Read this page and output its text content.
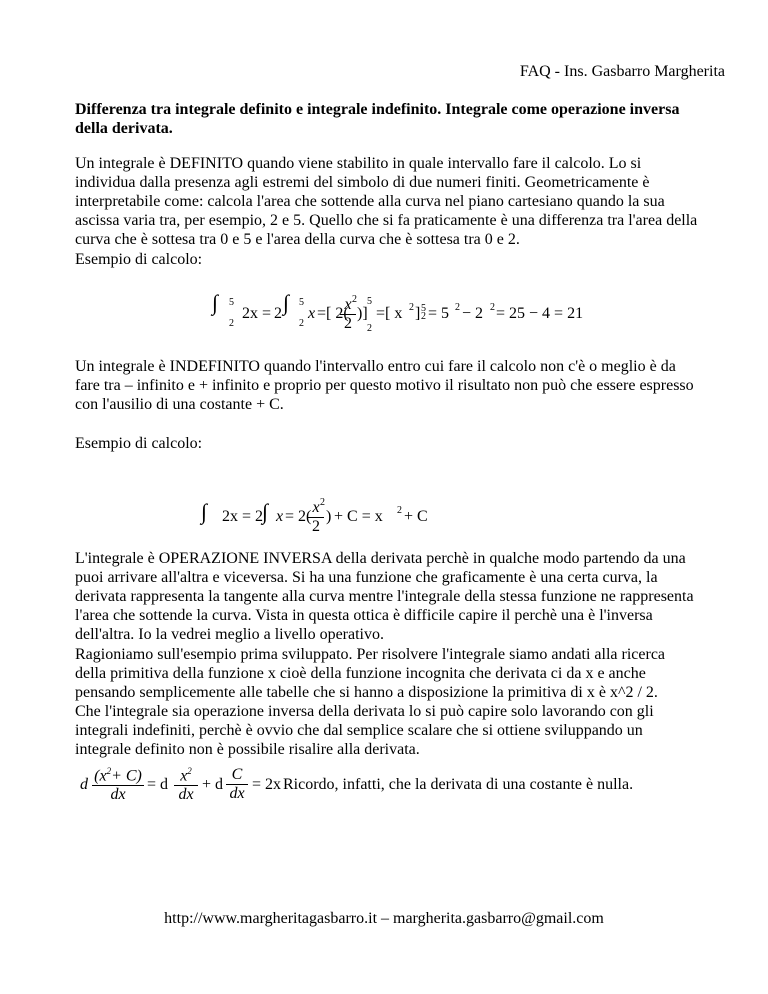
FAQ - Ins. Gasbarro Margherita
Differenza tra integrale definito e integrale indefinito. Integrale come operazione inversa della derivata.
Un integrale è DEFINITO quando viene stabilito in quale intervallo fare il calcolo. Lo si individua dalla presenza agli estremi del simbolo di due numeri finiti. Geometricamente è interpretabile come: calcola l'area che sottende alla curva nel piano cartesiano quando la sua ascissa varia tra, per esempio, 2 e 5. Quello che si fa praticamente è una differenza tra l'area della curva che è sottesa tra 0 e 5 e l'area della curva che è sottesa tra 0 e 2.
Esempio di calcolo:
∫ 5
2
2x = 2 ∫ 5
2
x =[ 2(
x
2
2
)]
5
2
=[ x 2 ] 5
2 = 5 2 − 2 2 = 25 − 4 = 21
Un integrale è INDEFINITO quando l'intervallo entro cui fare il calcolo non c'è o meglio è da fare tra – infinito e + infinito e proprio per questo motivo il risultato non può che essere espresso con l'ausilio di una costante + C.
Esempio di calcolo:
∫ 2x = 2
∫ x = 2(
x
2
2
) + C = x 2 + C
L'integrale è OPERAZIONE INVERSA della derivata perchè in qualche modo partendo da una puoi arrivare all'altra e viceversa. Si ha una funzione che graficamente è una certa curva, la derivata rappresenta la tangente alla curva mentre l'integrale della stessa funzione ne rappresenta l'area che sottende la curva. Vista in questa ottica è difficile capire il perchè una è l'inversa dell'altra. Io la vedrei meglio a livello operativo.
Ragioniamo sull'esempio prima sviluppato. Per risolvere l'integrale siamo andati alla ricerca della primitiva della funzione x cioè della funzione incognita che derivata ci da x e anche pensando semplicemente alle tabelle che si hanno a disposizione la primitiva di x è x^2 / 2.
Che l'integrale sia operazione inversa della derivata lo si può capire solo lavorando con gli integrali indefiniti, perchè è ovvio che dal semplice scalare che si ottiene sviluppando un integrale definito non è possibile risalire alla derivata.
d
$(x^2+ C)$
dx
= d
$x^2$
dx
+ d
C
dx
= 2x Ricordo, infatti, che la derivata di una costante è nulla.
http://www.margheritagasbarro.it – margherita.gasbarro@gmail.com
